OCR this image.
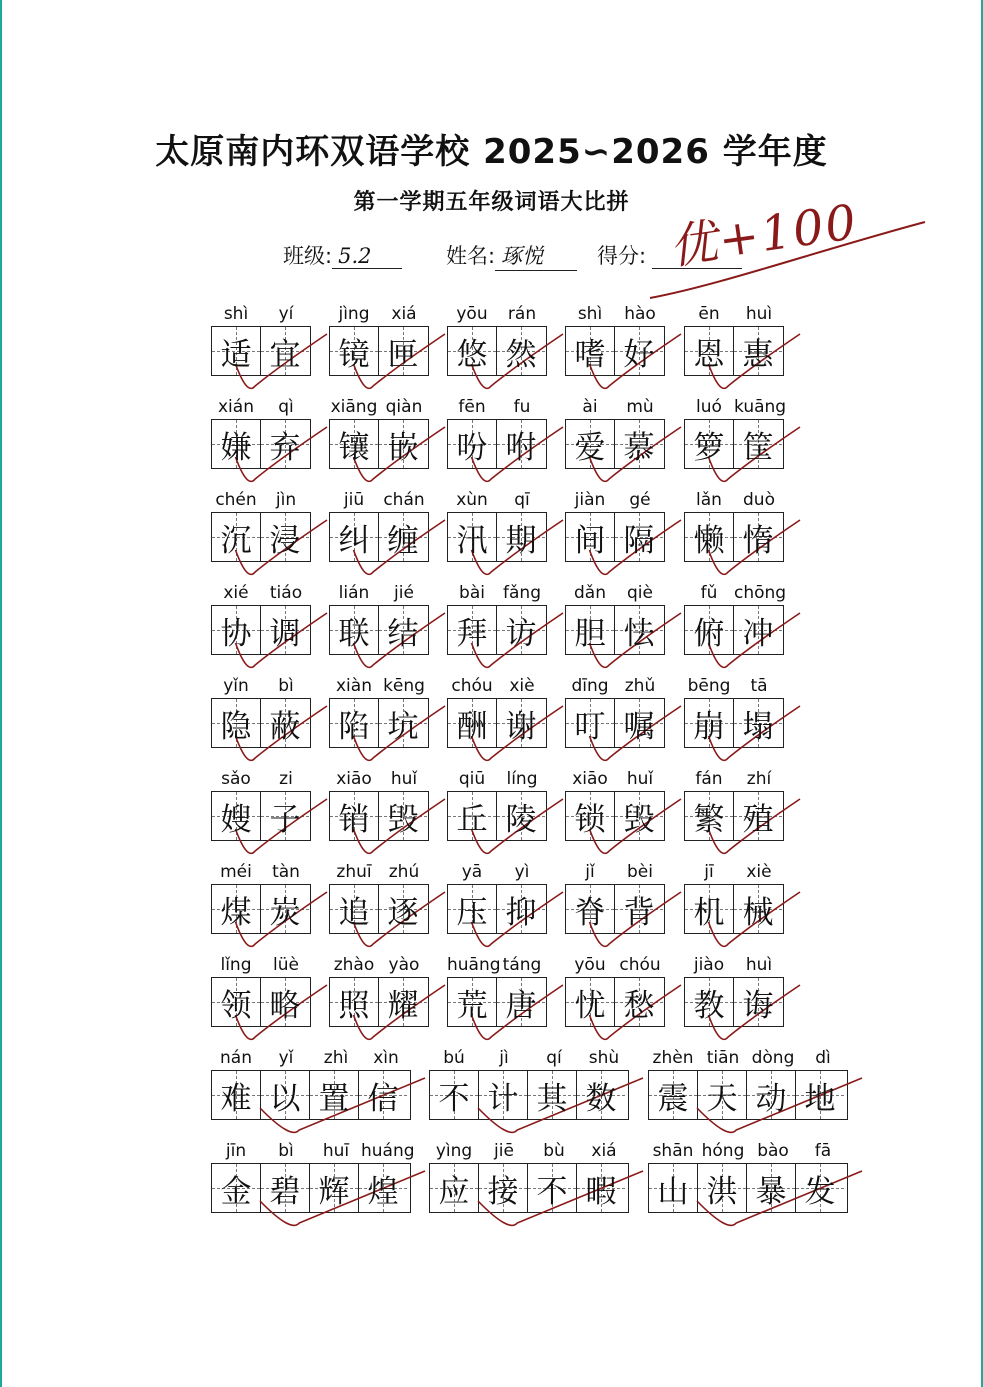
太原南内环双语学校 2025∽2026 学年度
第一学期五年级词语大比拼
班级: 5.2	姓名: 琢悦	得分: 优+100
shì	yí
适 宜
jìng	xiá
镜 匣
yōu	rán
悠 然
shì	hào
嗜 好
ēn	huì
恩 惠
xián	qì
嫌 弃
xiāng qiàn
镶 嵌
fēn	fu
吩 咐
ài	mù
爱 慕
luó kuāng
箩 筐
chén	jìn
沉 浸
jiū	chán
纠 缠
xùn	qī
汛 期
jiàn	gé
间 隔
lǎn	duò
懒 惰
xié	tiáo
协 调
lián	jié
联 结
bài	fǎng
拜 访
dǎn	qiè
胆 怯
fǔ chōng
俯 冲
yǐn	bì
隐 蔽
xiàn kēng
陷 坑
chóu xiè
酬 谢
dīng zhǔ
叮 嘱
bēng	tā
崩 塌
sǎo	zi
嫂 子
xiāo	huǐ
销 毁
qiū	líng
丘 陵
xiāo	huǐ
锁 毁
fán	zhí
繁 殖
méi	tàn
煤 炭
zhuī	zhú
追 逐
yā	yì
压 抑
jǐ	bèi
脊 背
jī	xiè
机 械
lǐng	lüè
领 略
zhào yào
照 耀
huāng táng
荒 唐
yōu chóu
忧 愁
jiào	huì
教 诲
nán	yǐ	zhì	xìn
难 以 置 信
bú	jì	qí	shù
不 计 其 数
zhèn tiān dòng	dì
震 天 动 地
jīn	bì	huī huáng
金 碧 辉 煌
yìng	jiē	bù	xiá
应 接 不 暇
shān hóng bào	fā
山 洪 暴 发
